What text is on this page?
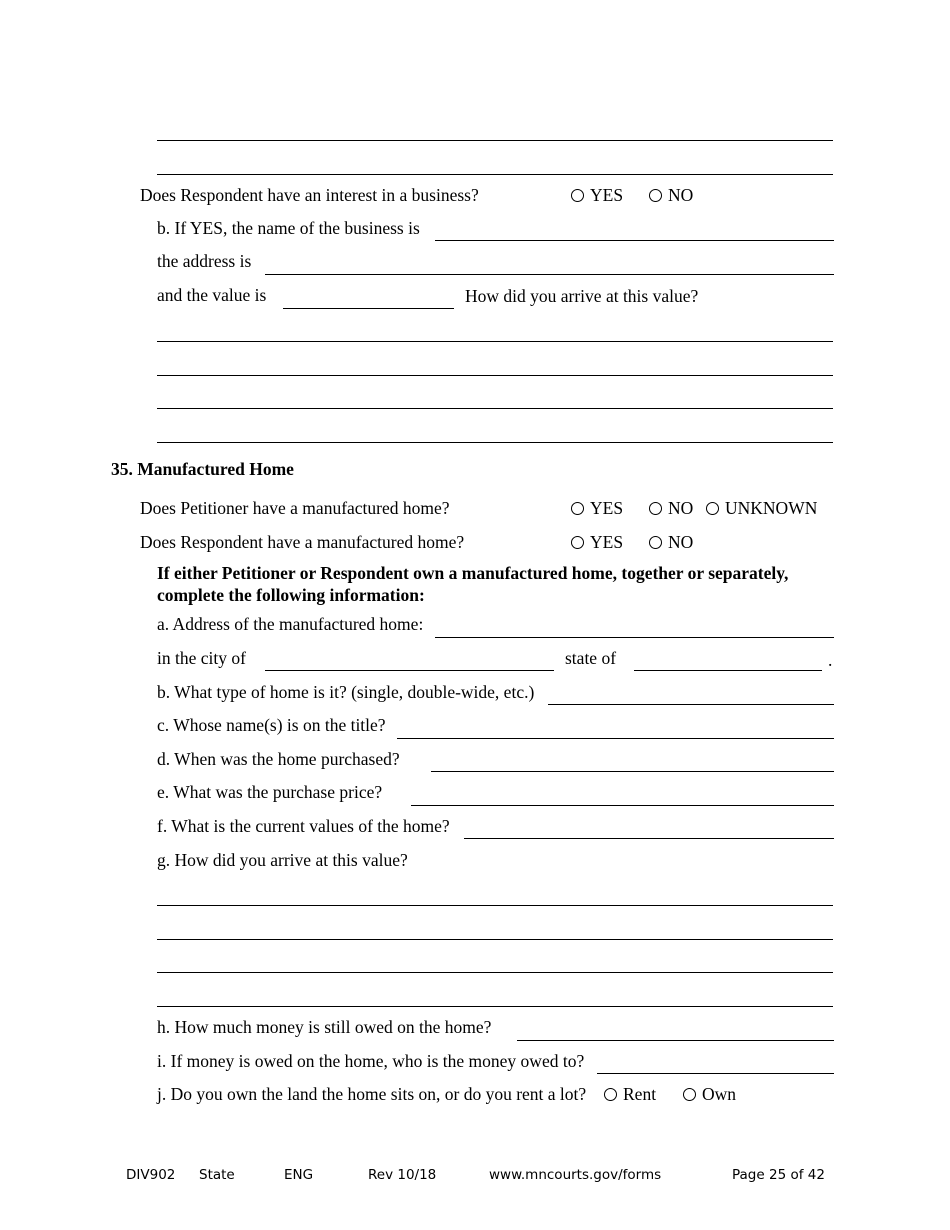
Does Respondent have an interest in a business?	YES	NO
b. If YES, the name of the business is
the address is
and the value is	How did you arrive at this value?
35. Manufactured Home
Does Petitioner have a manufactured home?	YES	NO	UNKNOWN
Does Respondent have a manufactured home?	YES	NO
If either Petitioner or Respondent own a manufactured home, together or separately, complete the following information:
a. Address of the manufactured home:
in the city of	state of	.
b. What type of home is it? (single, double-wide, etc.)
c. Whose name(s) is on the title?
d. When was the home purchased?
e. What was the purchase price?
f. What is the current values of the home?
g. How did you arrive at this value?
h. How much money is still owed on the home?
i. If money is owed on the home, who is the money owed to?
j. Do you own the land the home sits on, or do you rent a lot?	Rent	Own
DIV902 State	ENG	Rev 10/18	www.mncourts.gov/forms	Page 25 of 42
